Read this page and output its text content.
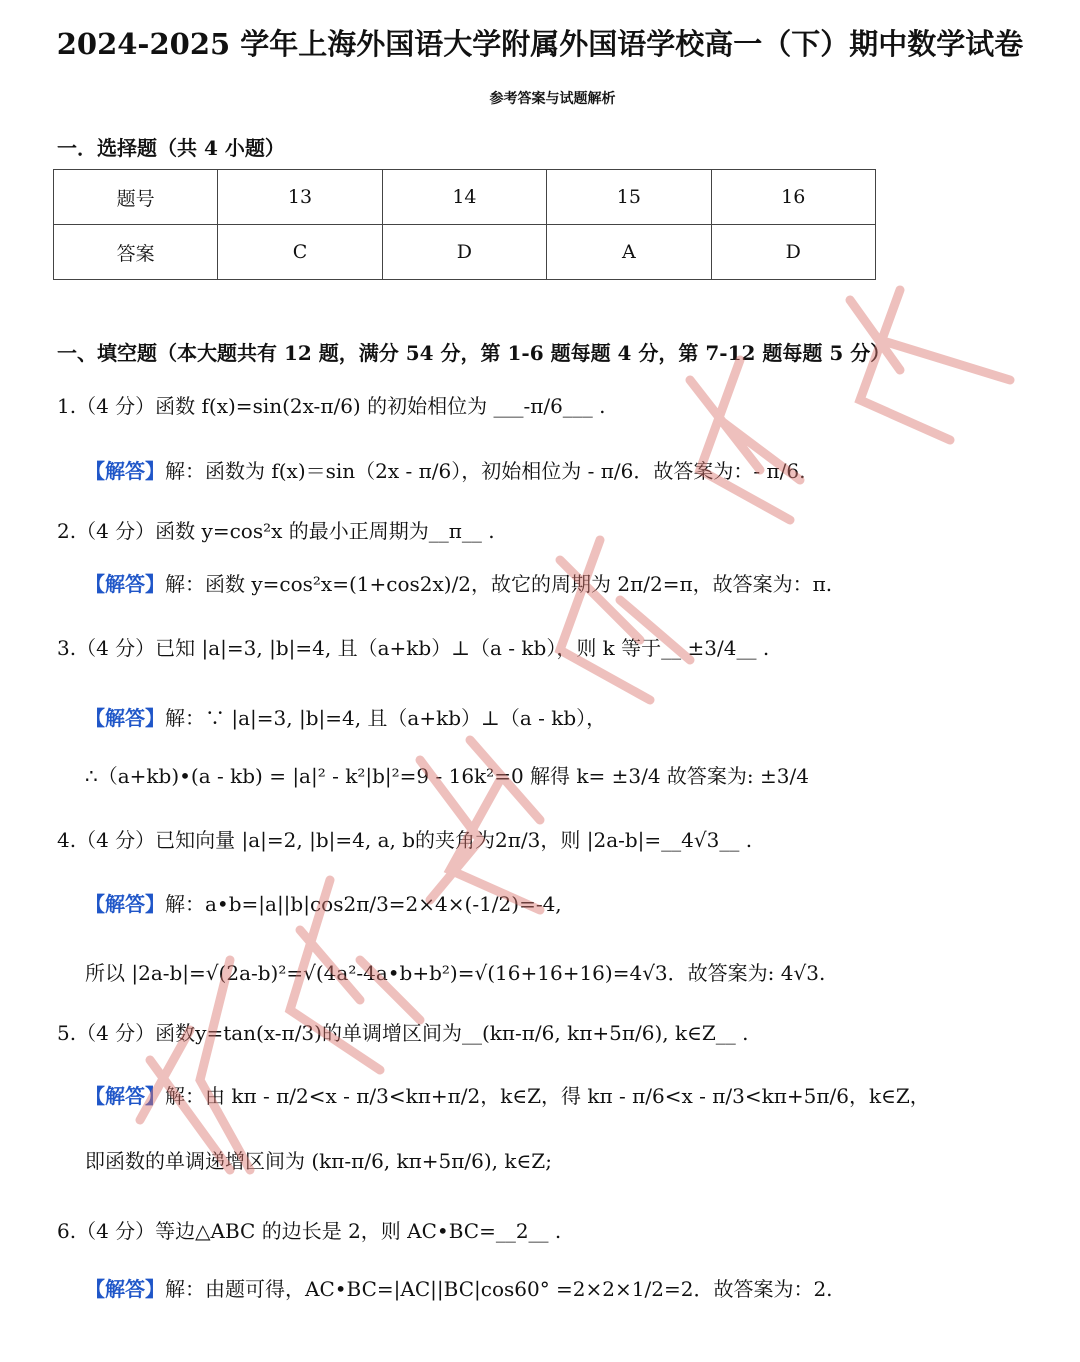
2024-2025 学年上海外国语大学附属外国语学校高一（下）期中数学试卷
参考答案与试题解析
一．选择题（共 4 小题）
题号	13	14	15	16
答案	C	D	A	D
一、填空题（本大题共有 12 题，满分 54 分，第 1-6 题每题 4 分，第 7-12 题每题 5 分）
1.（4 分）函数 f(x)=sin(2x-π/6) 的初始相位为 ___-π/6___ .
【解答】解：函数为 f(x)＝sin（2x - π/6），初始相位为 - π/6．故答案为：- π/6.
2.（4 分）函数 y=cos²x 的最小正周期为__π__ .
【解答】解：函数 y=cos²x=(1+cos2x)/2，故它的周期为 2π/2=π，故答案为：π.
3.（4 分）已知 |a|=3, |b|=4, 且（a+kb）⊥（a - kb），则 k 等于__ ±3/4__ .
【解答】解：∵ |a|=3, |b|=4, 且（a+kb）⊥（a - kb），
∴（a+kb)•(a - kb) = |a|² - k²|b|²=9 - 16k²=0 解得 k= ±3/4 故答案为: ±3/4
4.（4 分）已知向量 |a|=2, |b|=4, a, b的夹角为2π/3，则 |2a-b|=__4√3__ .
【解答】解：a•b=|a||b|cos2π/3=2×4×(-1/2)=-4,
所以 |2a-b|=√(2a-b)²=√(4a²-4a•b+b²)=√(16+16+16)=4√3．故答案为: 4√3.
5.（4 分）函数y=tan(x-π/3)的单调增区间为__(kπ-π/6, kπ+5π/6), k∈Z__ .
【解答】解：由 kπ - π/2<x - π/3<kπ+π/2，k∈Z，得 kπ - π/6<x - π/3<kπ+5π/6，k∈Z，
即函数的单调递增区间为 (kπ-π/6, kπ+5π/6), k∈Z;
6.（4 分）等边△ABC 的边长是 2，则 AC•BC=__2__ .
【解答】解：由题可得，AC•BC=|AC||BC|cos60° =2×2×1/2=2．故答案为：2.
